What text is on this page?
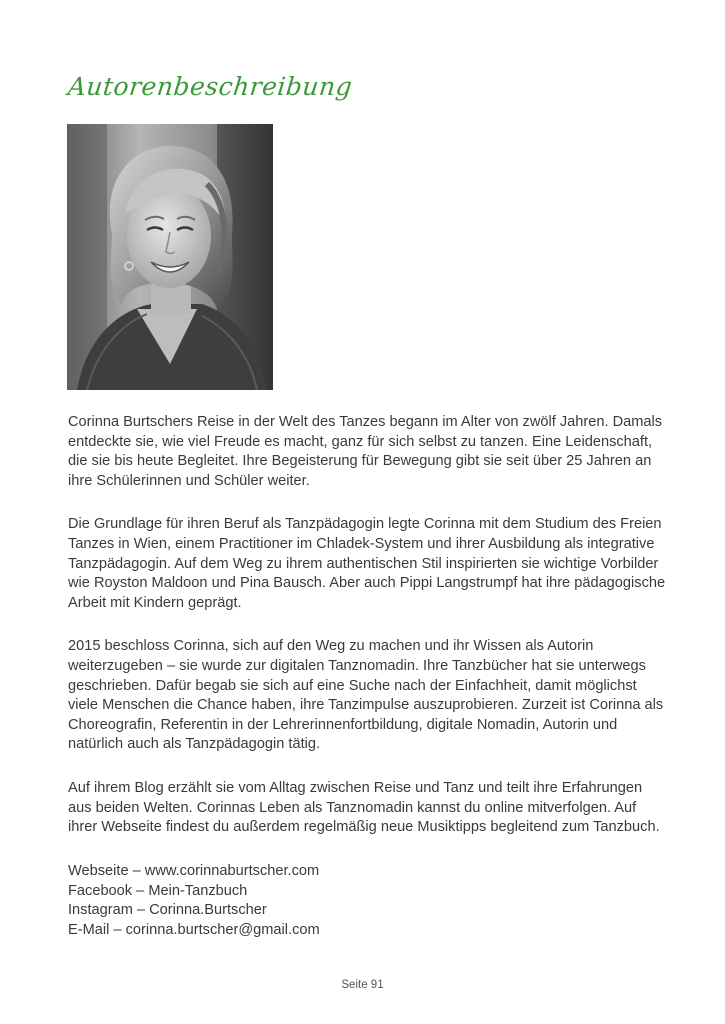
Autorenbeschreibung

Corinna Burtschers Reise in der Welt des Tanzes begann im Alter von zwölf Jahren. Damals entdeckte sie, wie viel Freude es macht, ganz für sich selbst zu tanzen. Eine Leidenschaft, die sie bis heute Begleitet. Ihre Begeisterung für Bewegung gibt sie seit über 25 Jahren an ihre Schülerinnen und Schüler weiter.

Die Grundlage für ihren Beruf als Tanzpädagogin legte Corinna mit dem Studium des Freien Tanzes in Wien, einem Practitioner im Chladek-System und ihrer Ausbildung als integrative Tanzpädagogin. Auf dem Weg zu ihrem authentischen Stil inspirierten sie wichtige Vorbilder wie Royston Maldoon und Pina Bausch. Aber auch Pippi Langstrumpf hat ihre pädagogische Arbeit mit Kindern geprägt.

2015 beschloss Corinna, sich auf den Weg zu machen und ihr Wissen als Autorin weiterzugeben – sie wurde zur digitalen Tanznomadin. Ihre Tanzbücher hat sie unterwegs geschrieben. Dafür begab sie sich auf eine Suche nach der Einfachheit, damit möglichst viele Menschen die Chance haben, ihre Tanzimpulse auszuprobieren. Zurzeit ist Corinna als Choreografin, Referentin in der Lehrerinnenfortbildung, digitale Nomadin, Autorin und natürlich auch als Tanzpädagogin tätig.

Auf ihrem Blog erzählt sie vom Alltag zwischen Reise und Tanz und teilt ihre Erfahrungen aus beiden Welten. Corinnas Leben als Tanznomadin kannst du online mitverfolgen. Auf ihrer Webseite findest du außerdem regelmäßig neue Musiktipps begleitend zum Tanzbuch.

Webseite – www.corinnaburtscher.com
Facebook – Mein-Tanzbuch
Instagram – Corinna.Burtscher
E-Mail – corinna.burtscher@gmail.com
Seite 91
